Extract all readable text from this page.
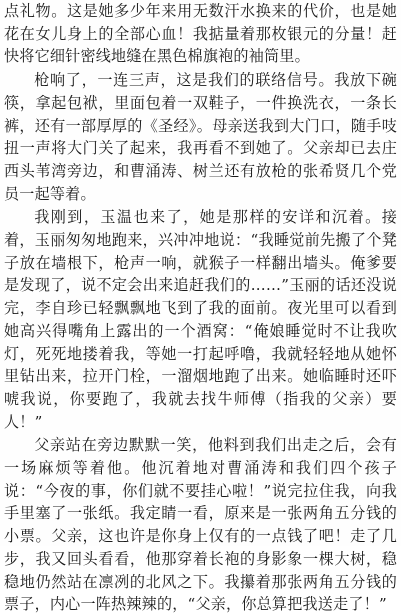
点礼物。这是她多少年来用无数汗水换来的代价，也是她花在女儿身上的全部心血！我掂量着那枚银元的分量！赶快将它细针密线地缝在黑色棉旗袍的袖筒里。

枪响了，一连三声，这是我们的联络信号。我放下碗筷，拿起包袱，里面包着一双鞋子，一件换洗衣，一条长裤，还有一部厚厚的《圣经》。母亲送我到大门口，随手吱扭一声将大门关了起来，我再看不到她了。父亲却已去庄西头苇湾旁边，和曹涌涛、树兰还有放枪的张希贤几个党员一起等着。

我刚到，玉温也来了，她是那样的安详和沉着。接着，玉丽匆匆地跑来，兴冲冲地说：“我睡觉前先搬了个凳子放在墙根下，枪声一响，就猴子一样翻出墙头。俺爹要是发现了，说不定会出来追赶我们的……”玉丽的话还没说完，李自珍已轻飘飘地飞到了我的面前。夜光里可以看到她高兴得嘴角上露出的一个酒窝：“俺娘睡觉时不让我吹灯，死死地搂着我，等她一打起呼噜，我就轻轻地从她怀里钻出来，拉开门栓，一溜烟地跑了出来。她临睡时还吓唬我说，你要跑了，我就去找牛师傅（指我的父亲）要人！”

父亲站在旁边默默一笑，他料到我们出走之后，会有一场麻烦等着他。他沉着地对曹涌涛和我们四个孩子说：“今夜的事，你们就不要挂心啦！”说完拉住我，向我手里塞了一张纸。我定睛一看，原来是一张两角五分钱的小票。父亲，这也许是你身上仅有的一点钱了吧！走了几步，我又回头看看，他那穿着长袍的身影象一棵大树，稳稳地仍然站在凛冽的北风之下。我攥着那张两角五分钱的票子，内心一阵热辣辣的，“父亲，你总算把我送走了！”
